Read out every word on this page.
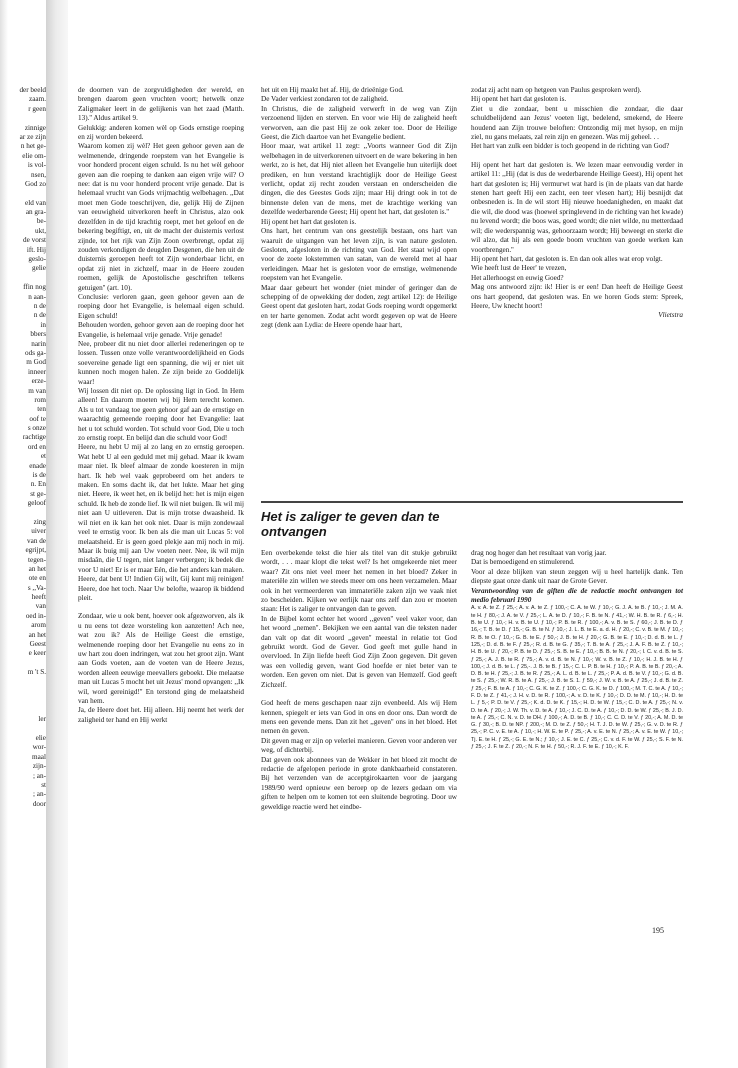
der beeld
zaam.
r geen
zinnige
ar ze zijn
n het ge-
elie om-
is vol-
nsen,
God zo
eld van
an gra-
be-
ukt,
de vorst
ift. Hij
geslo-
gelie
ffin nog
n aan-
n de
n de
in
bbers
narin
ods ga-
m God
inneer
erze-
m van
rom
ten
oof te
s onze
rachtige
ord en
et
enade
is de
n. En
st ge-
geloof
zing
uiver
van de
egrijpt,
tegen-
an het
ote en
s ,,Va-
heeft
van
oed in-
arom
an het
Geest
e keer
m 't S.
ler
elie
wor-
maal
zijn-
; an-
st
; an-
door

de doornen van de zorgvuldigheden der wereld, en brengen daarom geen vruchten voort; hetwelk onze Zaligmaker leert in de gelijkenis van het zaad (Matth. 13).'' Aldus artikel 9.

Gelukkig: anderen komen wèl op Gods ernstige roeping en zij worden bekeerd.

Waarom komen zij wèl? Het geen gehoor geven aan de welmenende, dringende roepstem van het Evangelie is voor honderd procent eigen schuld. Is nu het wèl gehoor geven aan die roeping te danken aan eigen vrije wil? O nee: dat is nu voor honderd procent vrije genade. Dat is helemaal vrucht van Gods vrijmachtig welbehagen. ,,Dat moet men Gode toeschrijven, die, gelijk Hij de Zijnen van eeuwigheid uitverkoren heeft in Christus, alzo ook dezelfden in de tijd krachtig roept, met het geloof en de bekering begiftigt, en, uit de macht der duisternis verlost zijnde, tot het rijk van Zijn Zoon overbrengt, opdat zij zouden verkondigen de deugden Desgenen, die hen uit de duisternis geroepen heeft tot Zijn wonderbaar licht, en opdat zij niet in zichzelf, maar in de Heere zouden roemen, gelijk de Apostolische geschriften telkens getuigen'' (art. 10).

Conclusie: verloren gaan, geen gehoor geven aan de roeping door het Evangelie, is helemaal eigen schuld. Eigen schuld!

Behouden worden, gehoor geven aan de roeping door het Evangelie, is helemaal vrije genade. Vrije genade!

Nee, probeer dit nu niet door allerlei redeneringen op te lossen. Tussen onze volle verantwoordelijkheid en Gods soevereine genade ligt een spanning, die wij er niet uit kunnen noch mogen halen. Ze zijn beide zo Goddelijk waar!

Wij lossen dit niet op. De oplossing ligt in God. In Hem alleen! En daarom moeten wij bij Hem terecht komen. Als u tot vandaag toe geen gehoor gaf aan de ernstige en waarachtig gemeende roeping door het Evangelie: laat het u tot schuld worden. Tot schuld voor God, Die u toch zo ernstig roept. En belijd dan die schuld voor God!

Heere, nu hebt U mij al zo lang en zo ernstig geroepen. Wat hebt U al een geduld met mij gehad. Maar ik kwam maar niet. Ik bleef almaar de zonde koesteren in mijn hart. Ik heb wel vaak geprobeerd om het anders te maken. En soms dacht ik, dat het lukte. Maar het ging niet. Heere, ik weet het, en ik belijd het: het is mijn eigen schuld. Ik heb de zonde lief. Ik wil niet buigen. Ik wil mij niet aan U uitleveren. Dat is mijn trotse dwaasheid. Ik wil niet en ik kan het ook niet. Daar is mijn zondewaal veel te ernstig voor. Ik ben als die man uit Lucas 5: vol melaatsheid. Er is geen goed plekje aan mij noch in mij. Maar ik buig mij aan Uw voeten neer. Nee, ik wil mijn misdaân, die U tegen, niet langer verbergen; ik bedek die voor U niet! Er is er maar Eén, die het anders kan maken. Heere, dat bent U! Indien Gij wilt, Gij kunt mij reinigen! Heere, doe het toch. Naar Uw belofte, waarop ik biddend pleit.

Zondaar, wie u ook bent, hoever ook afgezworven, als ik u nu eens tot deze worsteling kon aanzetten! Ach nee, wat zou ik? Als de Heilige Geest die ernstige, welmenende roeping door het Evangelie nu eens zo in uw hart zou doen indringen, wat zou het groot zijn. Want aan Gods voeten, aan de voeten van de Heere Jezus, worden alleen eeuwige meevallers geboekt. Die melaatse man uit Lucas 5 mocht het uit Jezus' mond opvangen: ,,Ik wil, word gereinigd!'' En terstond ging de melaatsheid van hem.

Ja, de Heere doet het. Hij alleen. Hij neemt het werk der zaligheid ter hand en Hij werkt

het uit en Hij maakt het af. Hij, de drieënige God.

De Vader verkiest zondaren tot de zaligheid.

In Christus, die de zaligheid verwerft in de weg van Zijn verzoenend lijden en sterven. En voor wie Hij de zaligheid heeft verworven, aan die past Hij ze ook zeker toe. Door de Heilige Geest, die Zich daartoe van het Evangelie bedient.

Hoor maar, wat artikel 11 zegt: ,,Voorts wanneer God dit Zijn welbehagen in de uitverkorenen uitvoert en de ware bekering in hen werkt, zo is het, dat Hij niet alleen het Evangelie hun uiterlijk doet prediken, en hun verstand krachtiglijk door de Heilige Geest verlicht, opdat zij recht zouden verstaan en onderscheiden die dingen, die des Geestes Gods zijn; maar Hij dringt ook in tot de binnenste delen van de mens, met de krachtige werking van dezelfde wederbarende Geest; Hij opent het hart, dat gesloten is.''

Hij opent het hart dat gesloten is.

Ons hart, het centrum van ons geestelijk bestaan, ons hart van waaruit de uitgangen van het leven zijn, is van nature gesloten. Gesloten, afgesloten in de richting van God. Het staat wijd open voor de zoete lokstemmen van satan, van de wereld met al haar verleidingen. Maar het is gesloten voor de ernstige, welmenende roepstem van het Evangelie.

Maar daar gebeurt het wonder (niet minder of geringer dan de schepping of de opwekking der doden, zegt artikel 12): de Heilige Geest opent dat gesloten hart, zodat Gods roeping wordt opgemerkt en ter harte genomen. Zodat acht wordt gegeven op wat de Heere zegt (denk aan Lydia: de Heere opende haar hart,

zodat zij acht nam op hetgeen van Paulus gesproken werd).

Hij opent het hart dat gesloten is.

Ziet u die zondaar, bent u misschien die zondaar, die daar schuldbelijdend aan Jezus' voeten ligt, bedelend, smekend, de Heere houdend aan Zijn trouwe beloften: Ontzondig mij met hysop, en mijn ziel, nu gans melaats, zal rein zijn en genezen. Was mij geheel. . .

Het hart van zulk een bidder is toch geopend in de richting van God?

Hij opent het hart dat gesloten is. We lezen maar eenvoudig verder in artikel 11: ,,Hij (dat is dus de wederbarende Heilige Geest), Hij opent het hart dat gesloten is; Hij vermurwt wat hard is (in de plaats van dat harde stenen hart geeft Hij een zacht, een teer vlesen hart); Hij besnijdt dat onbesneden is. In de wil stort Hij nieuwe hoedanigheden, en maakt dat die wil, die dood was (hoewel springlevend in de richting van het kwade) nu levend wordt; die boos was, goed wordt; die niet wilde, nu metterdaad wil; die wederspannig was, gehoorzaam wordt; Hij beweegt en sterkt die wil alzo, dat hij als een goede boom vruchten van goede werken kan voortbrengen.''

Hij opent het hart, dat gesloten is. En dan ook alles wat erop volgt.

Wie heeft lust de Heer' te vrezen,

Het allerhoogst en euwig Goed?

Mag ons antwoord zijn: ik! Hier is er een! Dan heeft de Heilige Geest ons hart geopend, dat gesloten was. En we horen Gods stem: Spreek, Heere, Uw knecht hoort!

Vlietstra

Het is zaliger te geven dan te ontvangen

Een overbekende tekst die hier als titel van dit stukje gebruikt wordt, . . . maar klopt die tekst wel? Is het omgekeerde niet meer waar? Zit ons niet veel meer het nemen in het bloed? Zeker in materiële zin willen we steeds meer om ons heen verzamelen. Maar ook in het vermeerderen van immateriële zaken zijn we vaak niet zo bescheiden. Kijken we eerlijk naar ons zelf dan zou er moeten staan: Het is zaliger te ontvangen dan te geven.

In de Bijbel komt echter het woord ,,geven'' veel vaker voor, dan het woord ,,nemen''. Bekijken we een aantal van die teksten nader dan valt op dat dit woord ,,geven'' meestal in relatie tot God gebruikt wordt. God de Gever. God geeft met gulle hand in overvloed. In Zijn liefde heeft God Zijn Zoon gegeven. Dit geven was een volledig geven, want God hoefde er niet beter van te worden. Een geven om niet. Dat is geven van Hemzelf. God geeft Zichzelf.

God heeft de mens geschapen naar zijn evenbeeld. Als wij Hem kennen, spiegelt er iets van God in ons en door ons. Dan wordt de mens een gevende mens. Dan zit het ,,geven'' ons in het bloed. Het nemen én geven.

Dit geven mag er zijn op velerlei manieren. Geven voor anderen ver weg, of dichterbij.

Dat geven ook abonnees van de Wekker in het bloed zit mocht de redactie de afgelopen periode in grote dankbaarheid constateren. Bij het verzenden van de acceptgirokaarten voor de jaargang 1989/90 werd opnieuw een beroep op de lezers gedaan om via giften te helpen om te komen tot een sluitende begroting. Door uw geweldige reactie werd het eindbe-

drag nog hoger dan het resultaat van vorig jaar.

Dat is bemoedigend en stimulerend.

Voor al deze blijken van steun zeggen wij u heel hartelijk dank. Ten diepste gaat onze dank uit naar de Grote Gever.

Verantwoording van de giften die de redactie mocht ontvangen tot medio februari 1990

A. v. A. te Z. ƒ 25,-; A. v. A. te Z. ƒ 100,-; C. A. te W. ƒ 10,-; G. J. A. te B. ƒ 10,-; J. M. A. te H. ƒ 80,-; J. A. te V. ƒ 25,-; L. A. te D. ƒ 10,-; F. B. te N. ƒ 41,-; W. H. B. te R. ƒ 6,-; H. B. te U. ƒ 10,-; H. v. B. te U. ƒ 10,-; P. B. te R. ƒ 100,-; A. v. B. te S. ƒ 60,-; J. B. te D. ƒ 16,-; T. B. te D. ƒ 15,-; G. B. te N. ƒ 10,-; J. L. B. te E. a. d. H. ƒ 20,-; C. v. B. te M. ƒ 10,-; R. B. te O. ƒ 10,-; G. B. te E. ƒ 50,-; J. B. te H. ƒ 20,-; G. B. te E. ƒ 10,-; D. d. B. te L. ƒ 125,-; D. d. B. te F. ƒ 25,-; R. d. B. te G. ƒ 35,-; T. B. te A. ƒ 25,-; J. A. F. B. te Z. ƒ 10,-; H. B. te U. ƒ 20,-; P. B. te D. ƒ 25,-; S. B. te E. ƒ 10,-; B. B. te N. ƒ 20,-; I. C. v. d. B. te S. ƒ 25,-; A. J. B. te R. ƒ 75,-; A. v. d. B. te N. ƒ 10,-; W. v. B. te Z. ƒ 10,-; H. J. B. te H. ƒ 100,-; J. d. B. te L. ƒ 25,-. J. B. te B. ƒ 15,-; C. L. P. B. te H. ƒ 10,-; P. A. B. te B. ƒ 20,-; A. D. B. te H. ƒ 25,-; J. B. te R. ƒ 25,-; A. L. d. B. te L. ƒ 25,-; P. A. d. B. te V. ƒ 10,-; G. d. B. te S. ƒ 25,-; W. R. B. te A. ƒ 25,-; J. B. te S. 1. ƒ 59,-; J. W. v. B. te A. ƒ 25,-; J. d. B. te Z. ƒ 25,-; F. B. te A. ƒ 10,-; C. G. K. te Z. ƒ 100,-; C. G. K. te D. ƒ 100,-; M. T. C. te A. ƒ 10,-; F. D. te Z. ƒ 41,-; J. H. v. D. te R. ƒ 100,-; A. v. D. te K. ƒ 10,-; D. D. te M. ƒ 10,-; H. D. te L. ƒ 5,-; P. D. te V. ƒ 25,-; K. d. D. te K. ƒ 15,-; H. D. te W. ƒ 15,-; C. D. te A. ƒ 25,-; N. v. D. te A. ƒ 20,-; J. W. Th. v. D. te A. ƒ 10,-; J. C. D. te A. ƒ 10,-; D. D. te W. ƒ 25,-; B. J. D. te A. ƒ 25,-; C. N. v. D. te DH. ƒ 100,-; A. D. te B. ƒ 10,-; C. C. D. te V. ƒ 20,-; A. M. D. te G. ƒ 30,-; B. D. te NP. ƒ 200,-; M. D. te Z. ƒ 50,-; H. T. J. D. te W. ƒ 25,-; G. v. D. te R. ƒ 25,-; P. C. v. E. te A. ƒ 10,-; H. W. E. te P. ƒ 25,-; A. v. E. te N. ƒ 25,-; A. v. E. te W. ƒ 10,-; Tj. E. te H. ƒ 25,-; G. E. te N.; ƒ 10,-; J. E. te C. ƒ 25,-; C. v. d. F. te W. ƒ 25,-; S. F. te N. ƒ 25,-; J. F. te Z. ƒ 20,-; N. F. te H. ƒ 50,-; R. J. F. te E. ƒ 10,-; K. F.

195
